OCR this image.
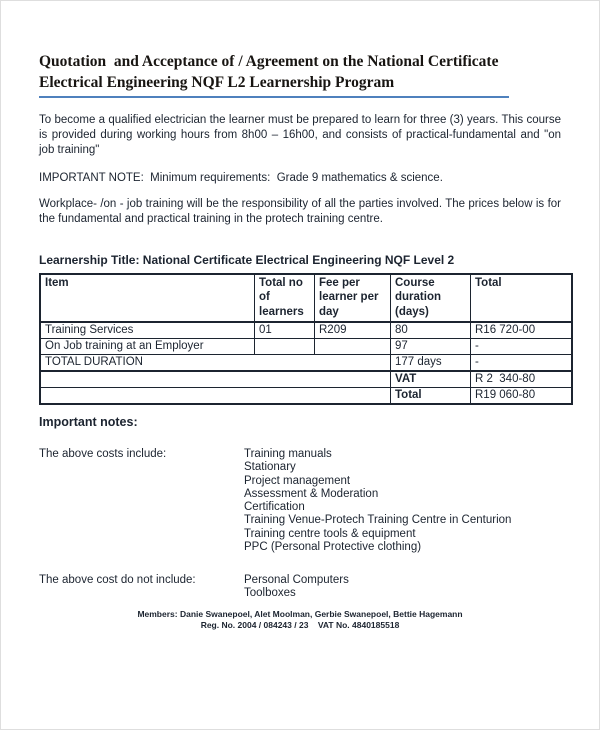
Quotation  and Acceptance of / Agreement on the National Certificate Electrical Engineering NQF L2 Learnership Program

To become a qualified electrician the learner must be prepared to learn for three (3) years. This course is provided during working hours from 8h00 – 16h00, and consists of practical-fundamental and "on job training"

IMPORTANT NOTE:  Minimum requirements:  Grade 9 mathematics & science.

Workplace- /on - job training will be the responsibility of all the parties involved. The prices below is for the fundamental and practical training in the protech training centre.

Learnership Title: National Certificate Electrical Engineering NQF Level 2
Item	Total no of learners	Fee per learner per day	Course duration (days)	Total
Training Services	01	R209	80	R16 720-00
On Job training at an Employer			97	-
TOTAL DURATION			177 days	-
			VAT	R 2  340-80
			Total	R19 060-80
Important notes:
The above costs include:	Training manuals
Stationary
Project management
Assessment & Moderation
Certification
Training Venue-Protech Training Centre in Centurion
Training centre tools & equipment
PPC (Personal Protective clothing)
The above cost do not include:	Personal Computers
Toolboxes
Members: Danie Swanepoel, Alet Moolman, Gerbie Swanepoel, Bettie Hagemann
Reg. No. 2004 / 084243 / 23    VAT No. 4840185518
